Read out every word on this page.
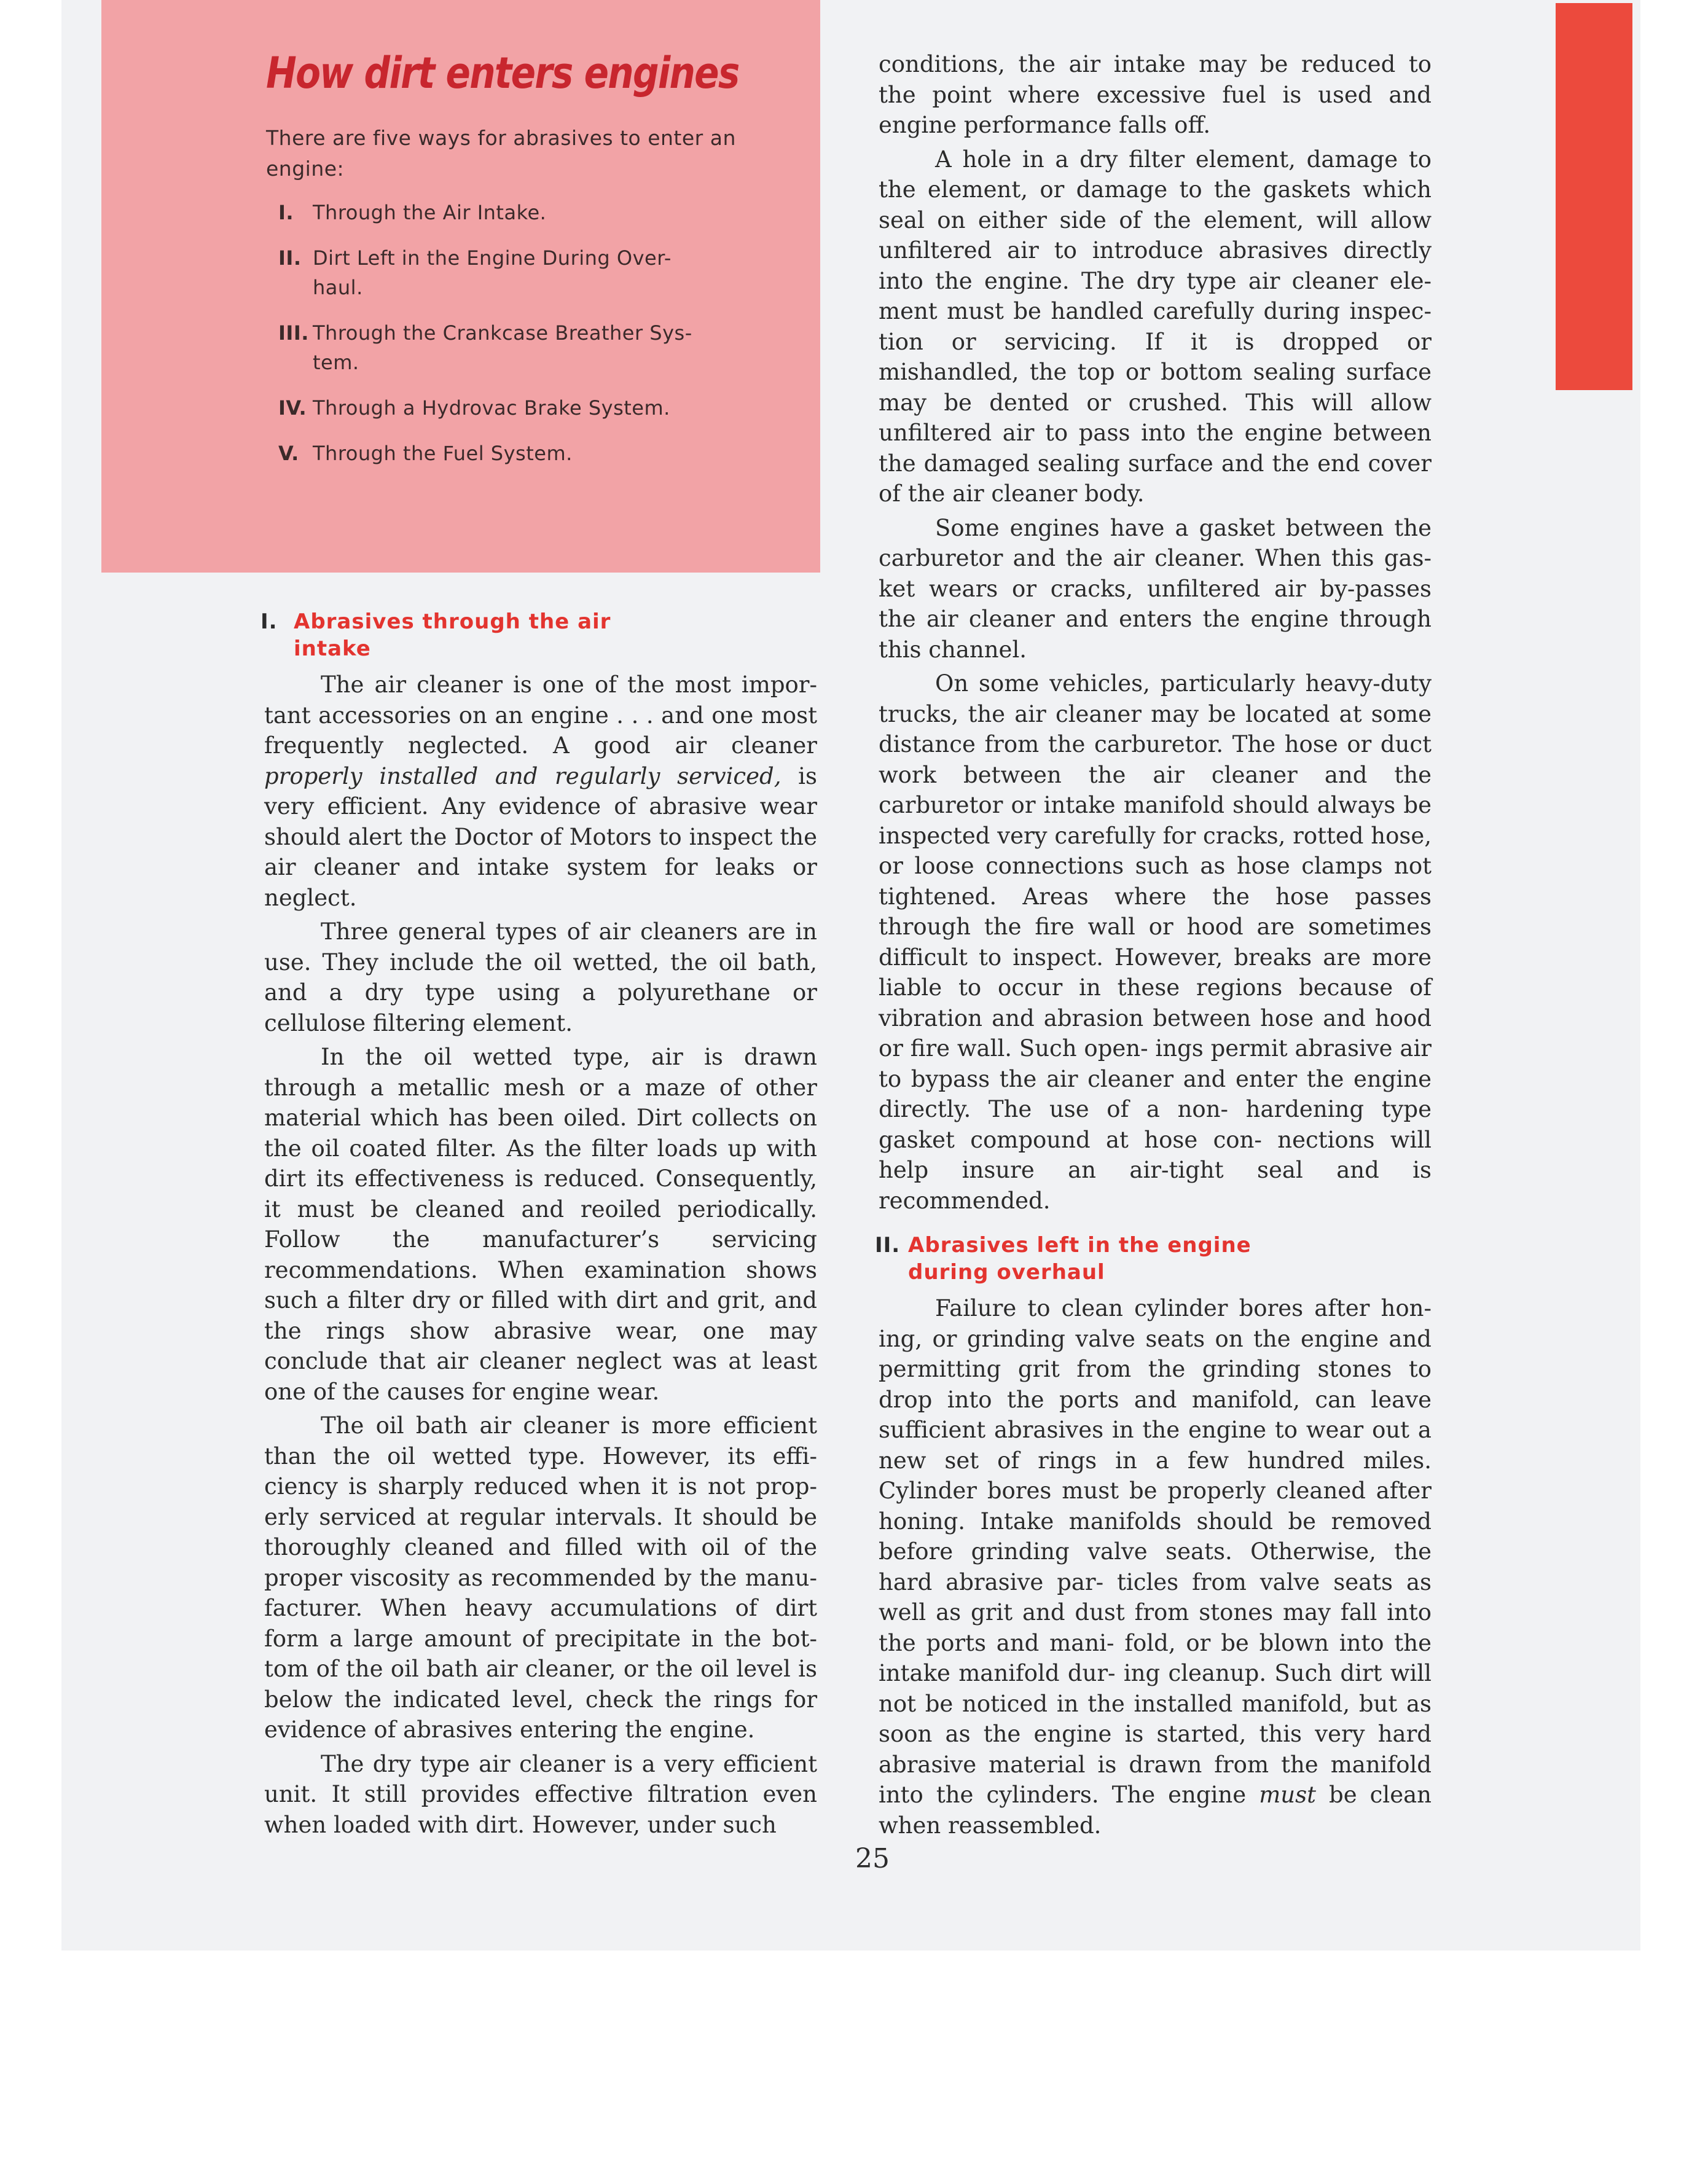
How dirt enters engines
There are five ways for abrasives to enter an engine:
I. Through the Air Intake.
II. Dirt Left in the Engine During Over- haul.
III. Through the Crankcase Breather Sys- tem.
IV. Through a Hydrovac Brake System.
V. Through the Fuel System.
I. Abrasives through the air intake

The air cleaner is one of the most impor- tant accessories on an engine . . . and one most frequently neglected. A good air cleaner properly installed and regularly serviced, is very efficient. Any evidence of abrasive wear should alert the Doctor of Motors to inspect the air cleaner and intake system for leaks or neglect.

Three general types of air cleaners are in use. They include the oil wetted, the oil bath, and a dry type using a polyurethane or cellulose filtering element.

In the oil wetted type, air is drawn through a metallic mesh or a maze of other material which has been oiled. Dirt collects on the oil coated filter. As the filter loads up with dirt its effectiveness is reduced. Consequently, it must be cleaned and reoiled periodically. Follow the manufacturer’s servicing recommendations. When examination shows such a filter dry or filled with dirt and grit, and the rings show abrasive wear, one may conclude that air cleaner neglect was at least one of the causes for engine wear.

The oil bath air cleaner is more efficient than the oil wetted type. However, its effi- ciency is sharply reduced when it is not prop- erly serviced at regular intervals. It should be thoroughly cleaned and filled with oil of the proper viscosity as recommended by the manu- facturer. When heavy accumulations of dirt form a large amount of precipitate in the bot- tom of the oil bath air cleaner, or the oil level is below the indicated level, check the rings for evidence of abrasives entering the engine.

The dry type air cleaner is a very efficient unit. It still provides effective filtration even when loaded with dirt. However, under such

conditions, the air intake may be reduced to the point where excessive fuel is used and engine performance falls off.

A hole in a dry filter element, damage to the element, or damage to the gaskets which seal on either side of the element, will allow unfiltered air to introduce abrasives directly into the engine. The dry type air cleaner ele- ment must be handled carefully during inspec- tion or servicing. If it is dropped or mishandled, the top or bottom sealing surface may be dented or crushed. This will allow unfiltered air to pass into the engine between the damaged sealing surface and the end cover of the air cleaner body.

Some engines have a gasket between the carburetor and the air cleaner. When this gas- ket wears or cracks, unfiltered air by-passes the air cleaner and enters the engine through this channel.

On some vehicles, particularly heavy-duty trucks, the air cleaner may be located at some distance from the carburetor. The hose or duct work between the air cleaner and the carburetor or intake manifold should always be inspected very carefully for cracks, rotted hose, or loose connections such as hose clamps not tightened. Areas where the hose passes through the fire wall or hood are sometimes difficult to inspect. However, breaks are more liable to occur in these regions because of vibration and abrasion between hose and hood or fire wall. Such open- ings permit abrasive air to bypass the air cleaner and enter the engine directly. The use of a non- hardening type gasket compound at hose con- nections will help insure an air-tight seal and is recommended.

II. Abrasives left in the engine during overhaul

Failure to clean cylinder bores after hon- ing, or grinding valve seats on the engine and permitting grit from the grinding stones to drop into the ports and manifold, can leave sufficient abrasives in the engine to wear out a new set of rings in a few hundred miles. Cylinder bores must be properly cleaned after honing. Intake manifolds should be removed before grinding valve seats. Otherwise, the hard abrasive par- ticles from valve seats as well as grit and dust from stones may fall into the ports and mani- fold, or be blown into the intake manifold dur- ing cleanup. Such dirt will not be noticed in the installed manifold, but as soon as the engine is started, this very hard abrasive material is drawn from the manifold into the cylinders. The engine must be clean when reassembled.

25
